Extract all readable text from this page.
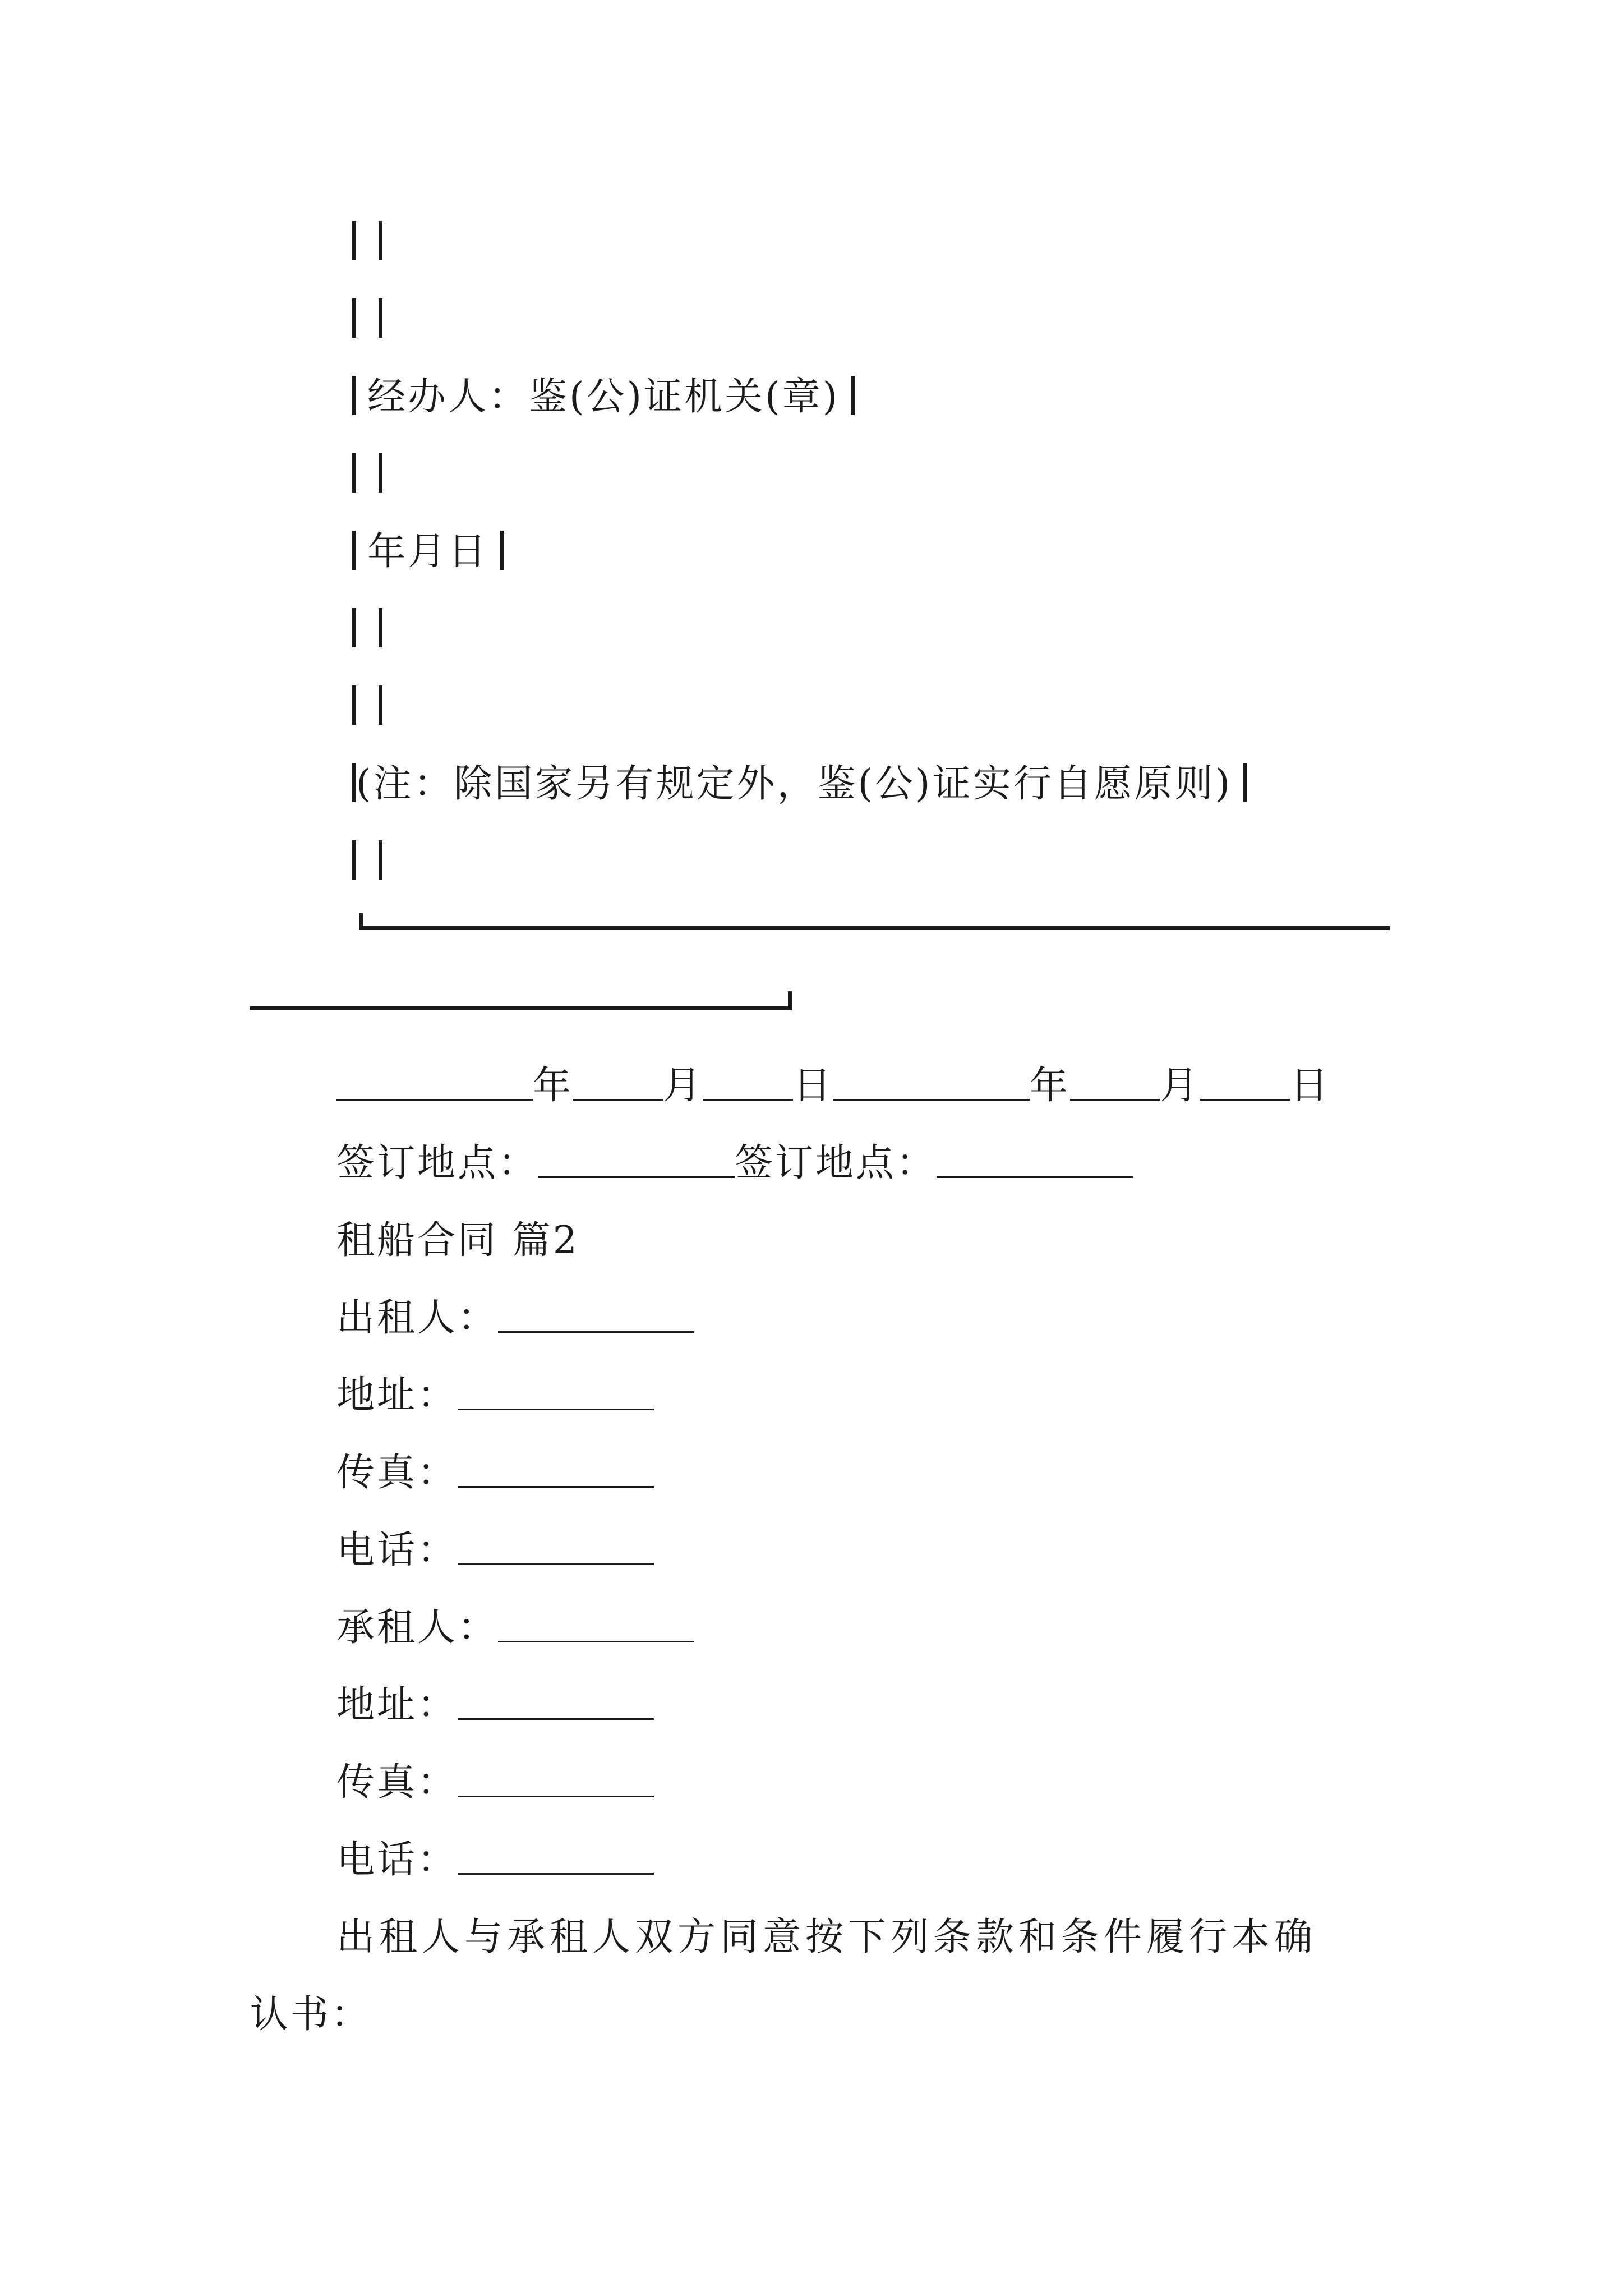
经办人：鉴(公)证机关(章)
年月日
(注：除国家另有规定外，鉴(公)证实行自愿原则)
年 月 日	年 月 日
签订地点：	签订地点：
租船合同 篇2
出租人：
地址：
传真：
电话：
承租人：
地址：
传真：
电话：
出租人与承租人双方同意按下列条款和条件履行本确
认书：
